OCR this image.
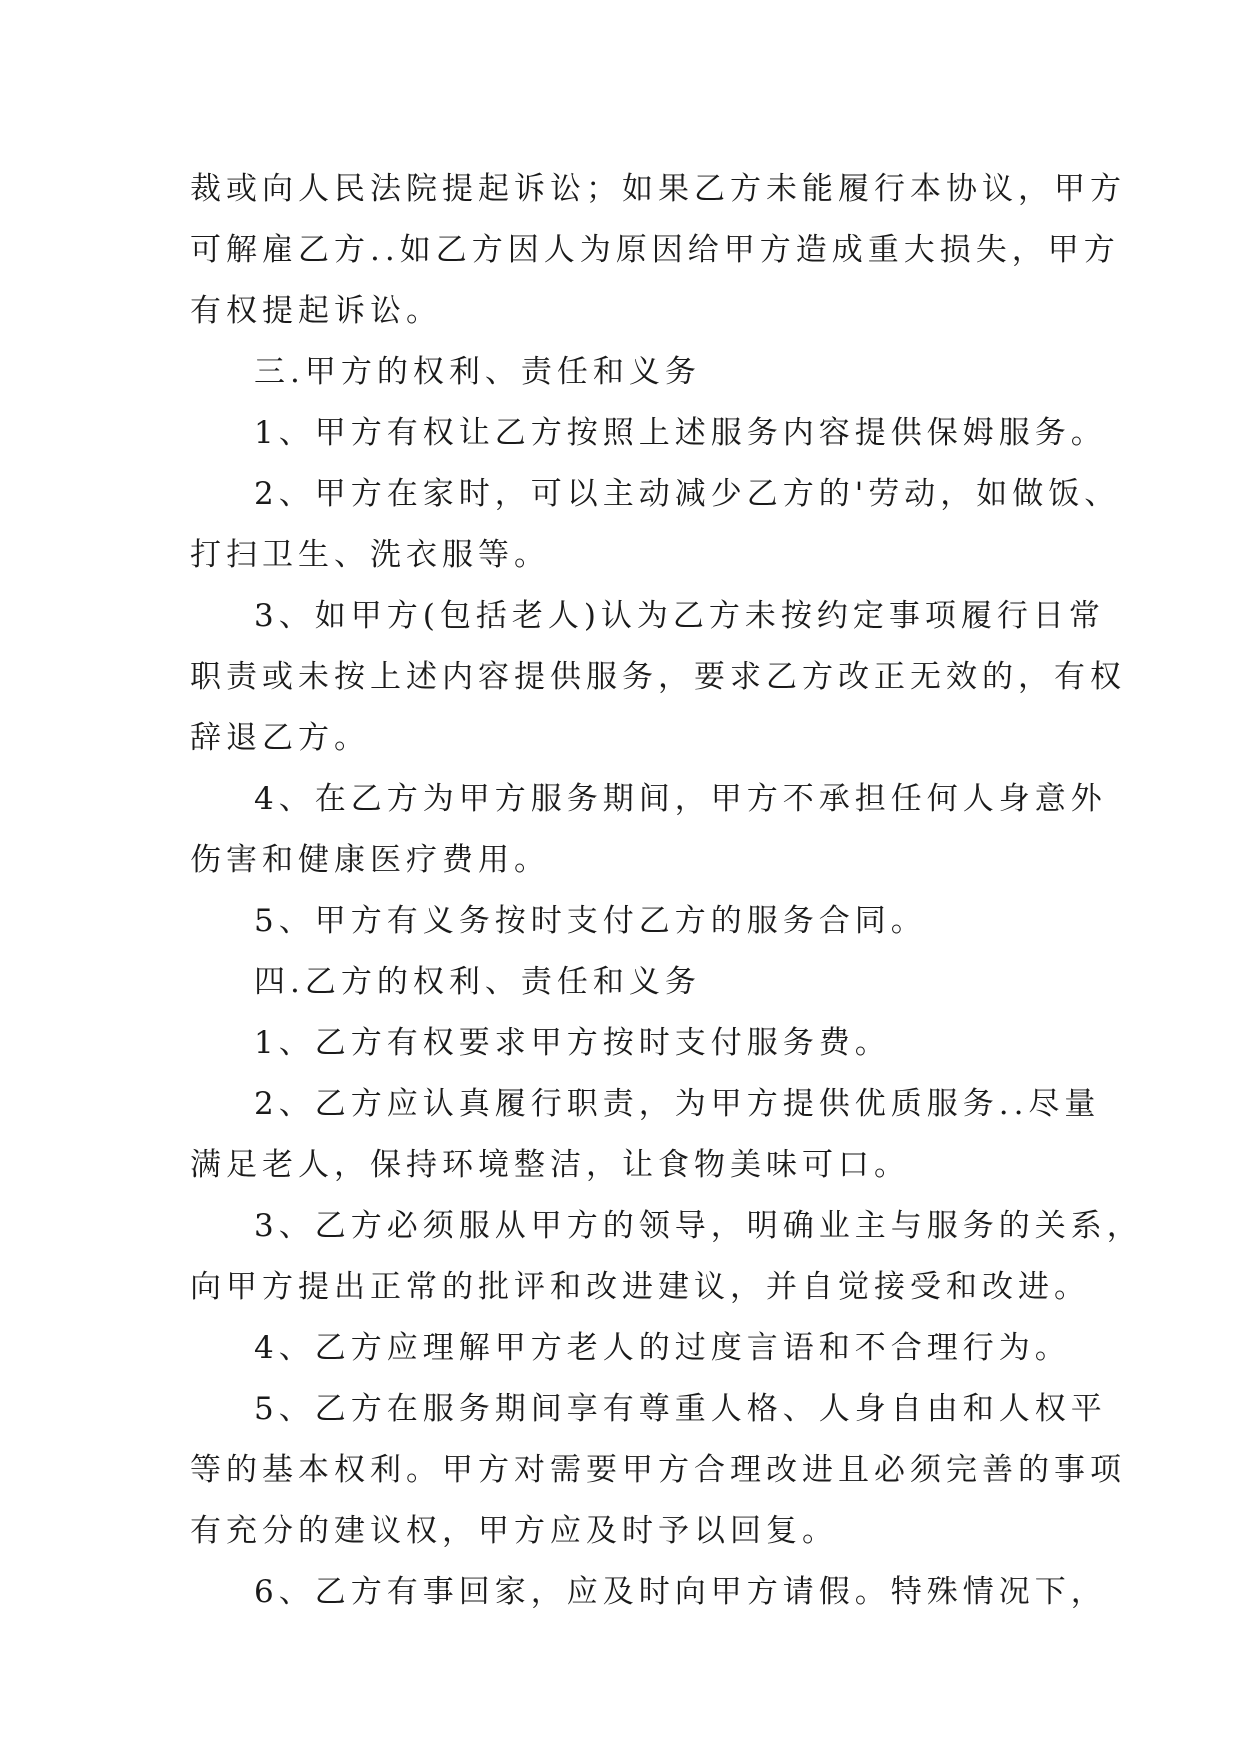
裁或向人民法院提起诉讼；如果乙方未能履行本协议，甲方
可解雇乙方..如乙方因人为原因给甲方造成重大损失，甲方
有权提起诉讼。
三.甲方的权利、责任和义务
1、甲方有权让乙方按照上述服务内容提供保姆服务。
2、甲方在家时，可以主动减少乙方的'劳动，如做饭、
打扫卫生、洗衣服等。
3、如甲方(包括老人)认为乙方未按约定事项履行日常
职责或未按上述内容提供服务，要求乙方改正无效的，有权
辞退乙方。
4、在乙方为甲方服务期间，甲方不承担任何人身意外
伤害和健康医疗费用。
5、甲方有义务按时支付乙方的服务合同。
四.乙方的权利、责任和义务
1、乙方有权要求甲方按时支付服务费。
2、乙方应认真履行职责，为甲方提供优质服务..尽量
满足老人，保持环境整洁，让食物美味可口。
3、乙方必须服从甲方的领导，明确业主与服务的关系，
向甲方提出正常的批评和改进建议，并自觉接受和改进。
4、乙方应理解甲方老人的过度言语和不合理行为。
5、乙方在服务期间享有尊重人格、人身自由和人权平
等的基本权利。甲方对需要甲方合理改进且必须完善的事项
有充分的建议权，甲方应及时予以回复。
6、乙方有事回家，应及时向甲方请假。特殊情况下，
